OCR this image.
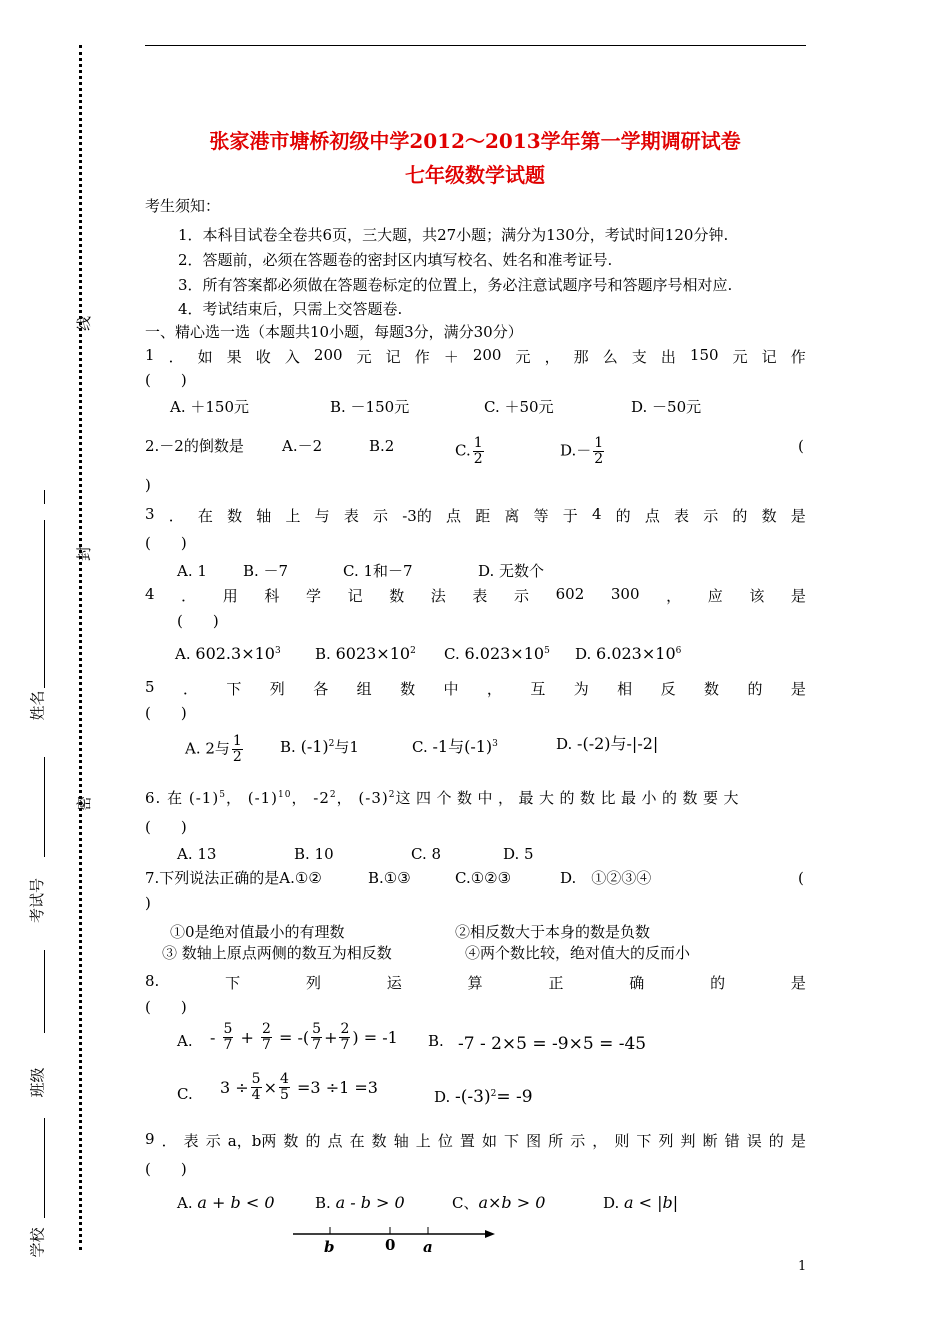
线
封
密
姓名
考试号
班级
学校
张家港市塘桥初级中学2012～2013学年第一学期调研试卷
七年级数学试题
考生须知：
1．本科目试卷全卷共6页，三大题，共27小题；满分为130分，考试时间120分钟.
2．答题前，必须在答题卷的密封区内填写校名、姓名和准考证号.
3．所有答案都必须做在答题卷标定的位置上，务必注意试题序号和答题序号相对应.
4．考试结束后，只需上交答题卷.
一、精心选一选（本题共10小题，每题3分，满分30分）
1 ． 如 果 收 入 200 元 记 作 ＋ 200 元 ， 那 么 支 出 150 元 记 作
(　　)
A. ＋150元	B. －150元	C. ＋50元	D. －50元
2.－2的倒数是	A.－2	B.2	C. $\frac{1}{2}$	$D.- \frac{1}{2}$	(
)
3 ． 在 数 轴 上 与 表 示 -3的 点 距 离 等 于 4 的 点 表 示 的 数 是
(　　)
A. 1 B. －7	C. 1和－7	D. 无数个
4 ． 用 科 学 记 数 法 表 示 602 300 ， 应 该 是
(　　)
A. $602.3\times 10^3$ B. $6023\times 10^2$ C. $6.023\times 10^5$ D. $6.023\times 10^6$
5 ． 下 列 各 组 数 中 ， 互 为 相 反 数 的 是
(　　)
A. 2与 $\frac{1}{2} B$. $(-1)^2$与1	C. -1与$(-1)^3$	D. -(-2)与-|-2|
6. 在 $(-1)^5$， $(-1)^{10}$， $-2^2$， $(-3)^2$这四个数中，最大的数比最小的数要大
(　　)
A. 13	B. 10	C. 8	D. 5
7.下列说法正确的是A.①②	B.①③	C.①②③	D.　①②③④	(
)
①0是绝对值最小的有理数	②相反数大于本身的数是负数
③ 数轴上原点两侧的数互为相反数	④两个数比较，绝对值大的反而小
8.	下	列	运	算	正	确	的	是
(　　)
A. - $\frac{5}{7} + \frac{2}{7}$ = -( $\frac{5}{7} + \frac{2}{7}$ ) = -1 B. -7 - 2×5 = -9×5 = -45
C. $3 \div \frac{5}{4} \times \frac{4}{5}$
=3 ÷1 =3	D. $-(-3)^2= -9$
9 ． 表 示 a，b两 数 的 点 在 数 轴 上 位 置 如 下 图 所 示 ， 则 下 列 判 断 错 误 的 是
(　　)
A. a + b < 0	B. a - b > 0	C、a×b > 0	D. a < |b|
b	0 a
1
